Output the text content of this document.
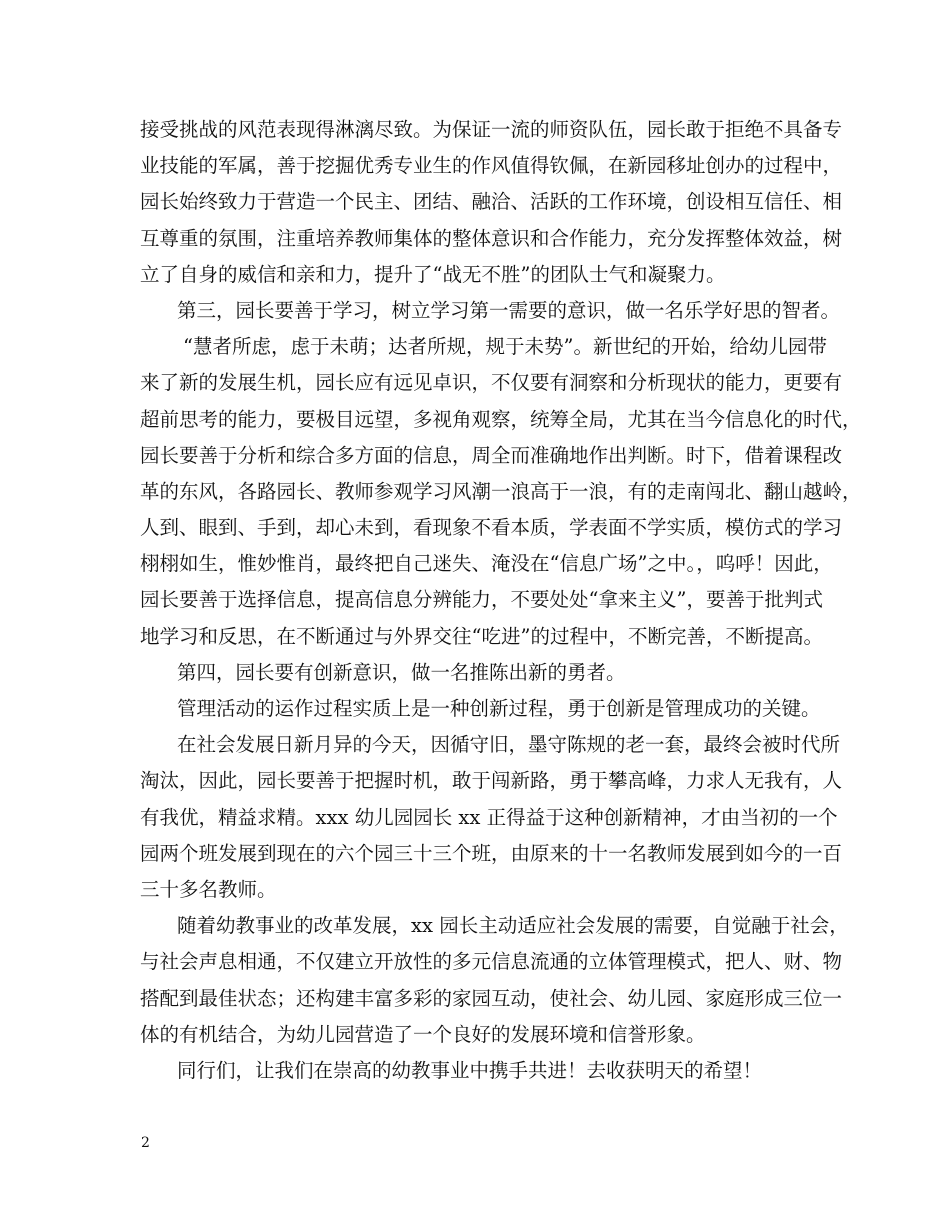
接受挑战的风范表现得淋漓尽致。为保证一流的师资队伍，园长敢于拒绝不具备专
业技能的军属，善于挖掘优秀专业生的作风值得钦佩，在新园移址创办的过程中，
园长始终致力于营造一个民主、团结、融洽、活跃的工作环境，创设相互信任、相
互尊重的氛围，注重培养教师集体的整体意识和合作能力，充分发挥整体效益，树
立了自身的威信和亲和力，提升了“战无不胜”的团队士气和凝聚力。
第三，园长要善于学习，树立学习第一需要的意识，做一名乐学好思的智者。
“慧者所虑，虑于未萌；达者所规，规于未势”。新世纪的开始，给幼儿园带
来了新的发展生机，园长应有远见卓识，不仅要有洞察和分析现状的能力，更要有
超前思考的能力，要极目远望，多视角观察，统筹全局，尤其在当今信息化的时代，
园长要善于分析和综合多方面的信息，周全而准确地作出判断。时下，借着课程改
革的东风，各路园长、教师参观学习风潮一浪高于一浪，有的走南闯北、翻山越岭，
人到、眼到、手到，却心未到，看现象不看本质，学表面不学实质，模仿式的学习
栩栩如生，惟妙惟肖，最终把自己迷失、淹没在“信息广场”之中。，呜呼！因此，
园长要善于选择信息，提高信息分辨能力，不要处处“拿来主义”，要善于批判式
地学习和反思，在不断通过与外界交往“吃进”的过程中，不断完善，不断提高。
第四，园长要有创新意识，做一名推陈出新的勇者。
管理活动的运作过程实质上是一种创新过程，勇于创新是管理成功的关键。
在社会发展日新月异的今天，因循守旧，墨守陈规的老一套，最终会被时代所
淘汰，因此，园长要善于把握时机，敢于闯新路，勇于攀高峰，力求人无我有，人
有我优，精益求精。xxx 幼儿园园长 xx 正得益于这种创新精神，才由当初的一个
园两个班发展到现在的六个园三十三个班，由原来的十一名教师发展到如今的一百
三十多名教师。
随着幼教事业的改革发展，xx 园长主动适应社会发展的需要，自觉融于社会，
与社会声息相通，不仅建立开放性的多元信息流通的立体管理模式，把人、财、物
搭配到最佳状态；还构建丰富多彩的家园互动，使社会、幼儿园、家庭形成三位一
体的有机结合，为幼儿园营造了一个良好的发展环境和信誉形象。
同行们，让我们在崇高的幼教事业中携手共进！去收获明天的希望！
2
